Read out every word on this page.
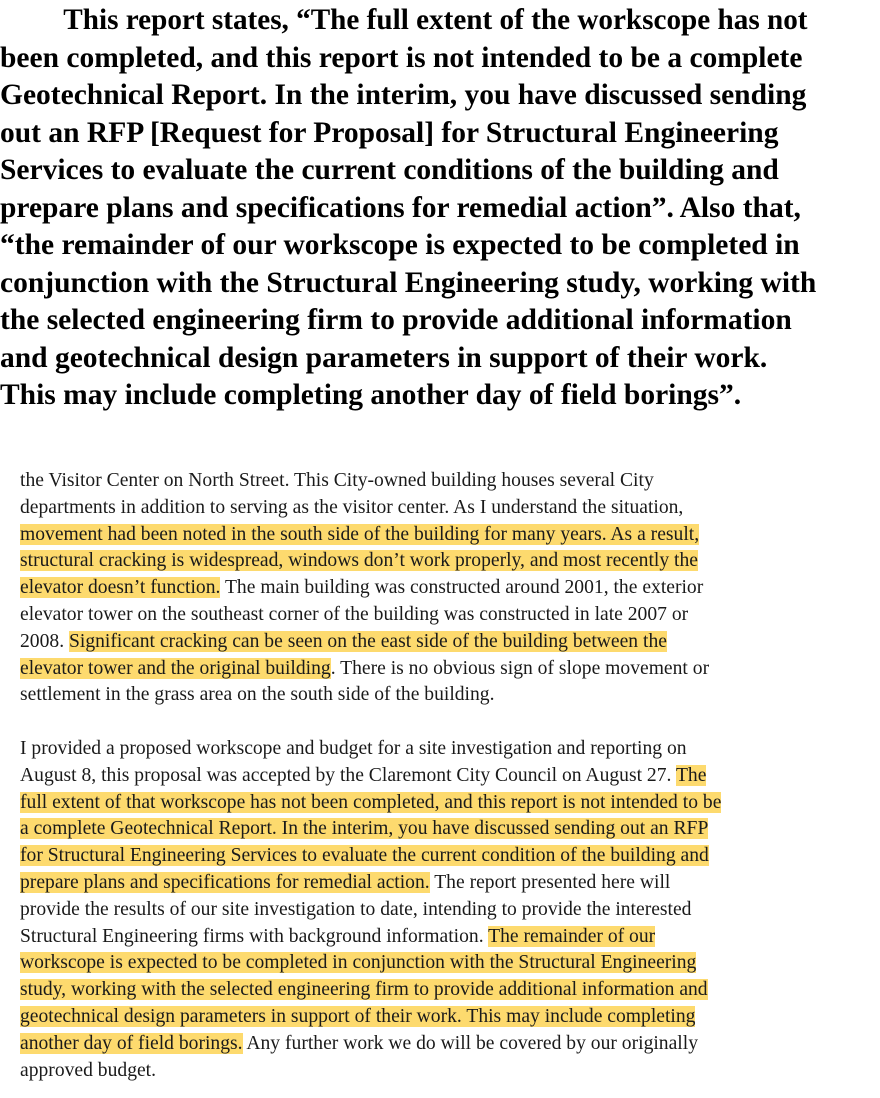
This report states, “The full extent of the workscope has not
been completed, and this report is not intended to be a complete
Geotechnical Report. In the interim, you have discussed sending
out an RFP [Request for Proposal] for Structural Engineering
Services to evaluate the current conditions of the building and
prepare plans and specifications for remedial action”. Also that,
“the remainder of our workscope is expected to be completed in
conjunction with the Structural Engineering study, working with
the selected engineering firm to provide additional information
and geotechnical design parameters in support of their work.
This may include completing another day of field borings”.
the Visitor Center on North Street. This City-owned building houses several City
departments in addition to serving as the visitor center. As I understand the situation,
movement had been noted in the south side of the building for many years. As a result,
structural cracking is widespread, windows don’t work properly, and most recently the
elevator doesn’t function. The main building was constructed around 2001, the exterior
elevator tower on the southeast corner of the building was constructed in late 2007 or
2008. Significant cracking can be seen on the east side of the building between the
elevator tower and the original building. There is no obvious sign of slope movement or
settlement in the grass area on the south side of the building.
I provided a proposed workscope and budget for a site investigation and reporting on
August 8, this proposal was accepted by the Claremont City Council on August 27. The
full extent of that workscope has not been completed, and this report is not intended to be
a complete Geotechnical Report. In the interim, you have discussed sending out an RFP
for Structural Engineering Services to evaluate the current condition of the building and
prepare plans and specifications for remedial action. The report presented here will
provide the results of our site investigation to date, intending to provide the interested
Structural Engineering firms with background information. The remainder of our
workscope is expected to be completed in conjunction with the Structural Engineering
study, working with the selected engineering firm to provide additional information and
geotechnical design parameters in support of their work. This may include completing
another day of field borings. Any further work we do will be covered by our originally
approved budget.
